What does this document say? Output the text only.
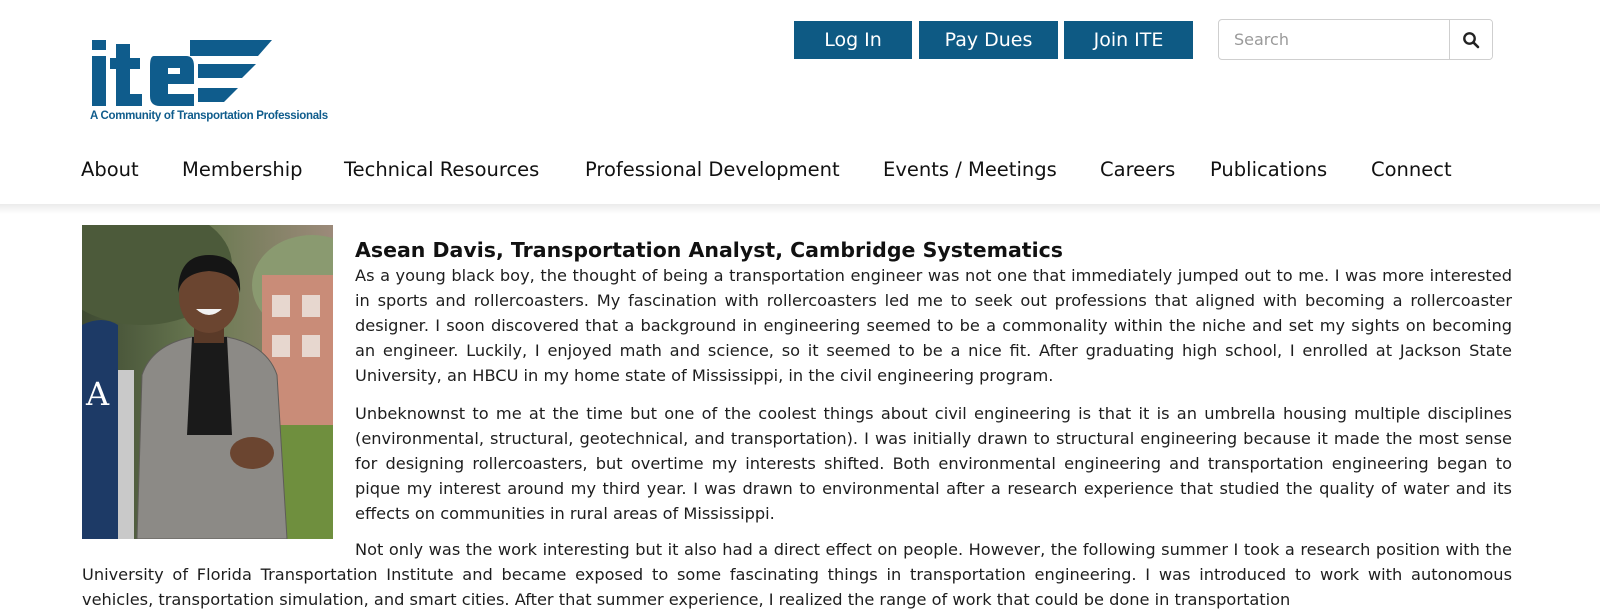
A Community of Transportation Professionals
Log In	Pay Dues	Join ITE
Search
About Membership Technical Resources Professional Development Events / Meetings Careers Publications Connect
A
Asean Davis, Transportation Analyst, Cambridge Systematics

As a young black boy, the thought of being a transportation engineer was not one that immediately jumped out to me. I was more interested in sports and rollercoasters. My fascination with rollercoasters led me to seek out professions that aligned with becoming a rollercoaster designer. I soon discovered that a background in engineering seemed to be a commonality within the niche and set my sights on becoming an engineer. Luckily, I enjoyed math and science, so it seemed to be a nice fit. After graduating high school, I enrolled at Jackson State University, an HBCU in my home state of Mississippi, in the civil engineering program.

Unbeknownst to me at the time but one of the coolest things about civil engineering is that it is an umbrella housing multiple disciplines (environmental, structural, geotechnical, and transportation). I was initially drawn to structural engineering because it made the most sense for designing rollercoasters, but overtime my interests shifted. Both environmental engineering and transportation engineering began to pique my interest around my third year. I was drawn to environmental after a research experience that studied the quality of water and its effects on communities in rural areas of Mississippi.

Not only was the work interesting but it also had a direct effect on people. However, the following summer I took a research position with the University of Florida Transportation Institute and became exposed to some fascinating things in transportation engineering. I was introduced to work with autonomous vehicles, transportation simulation, and smart cities. After that summer experience, I realized the range of work that could be done in transportation
